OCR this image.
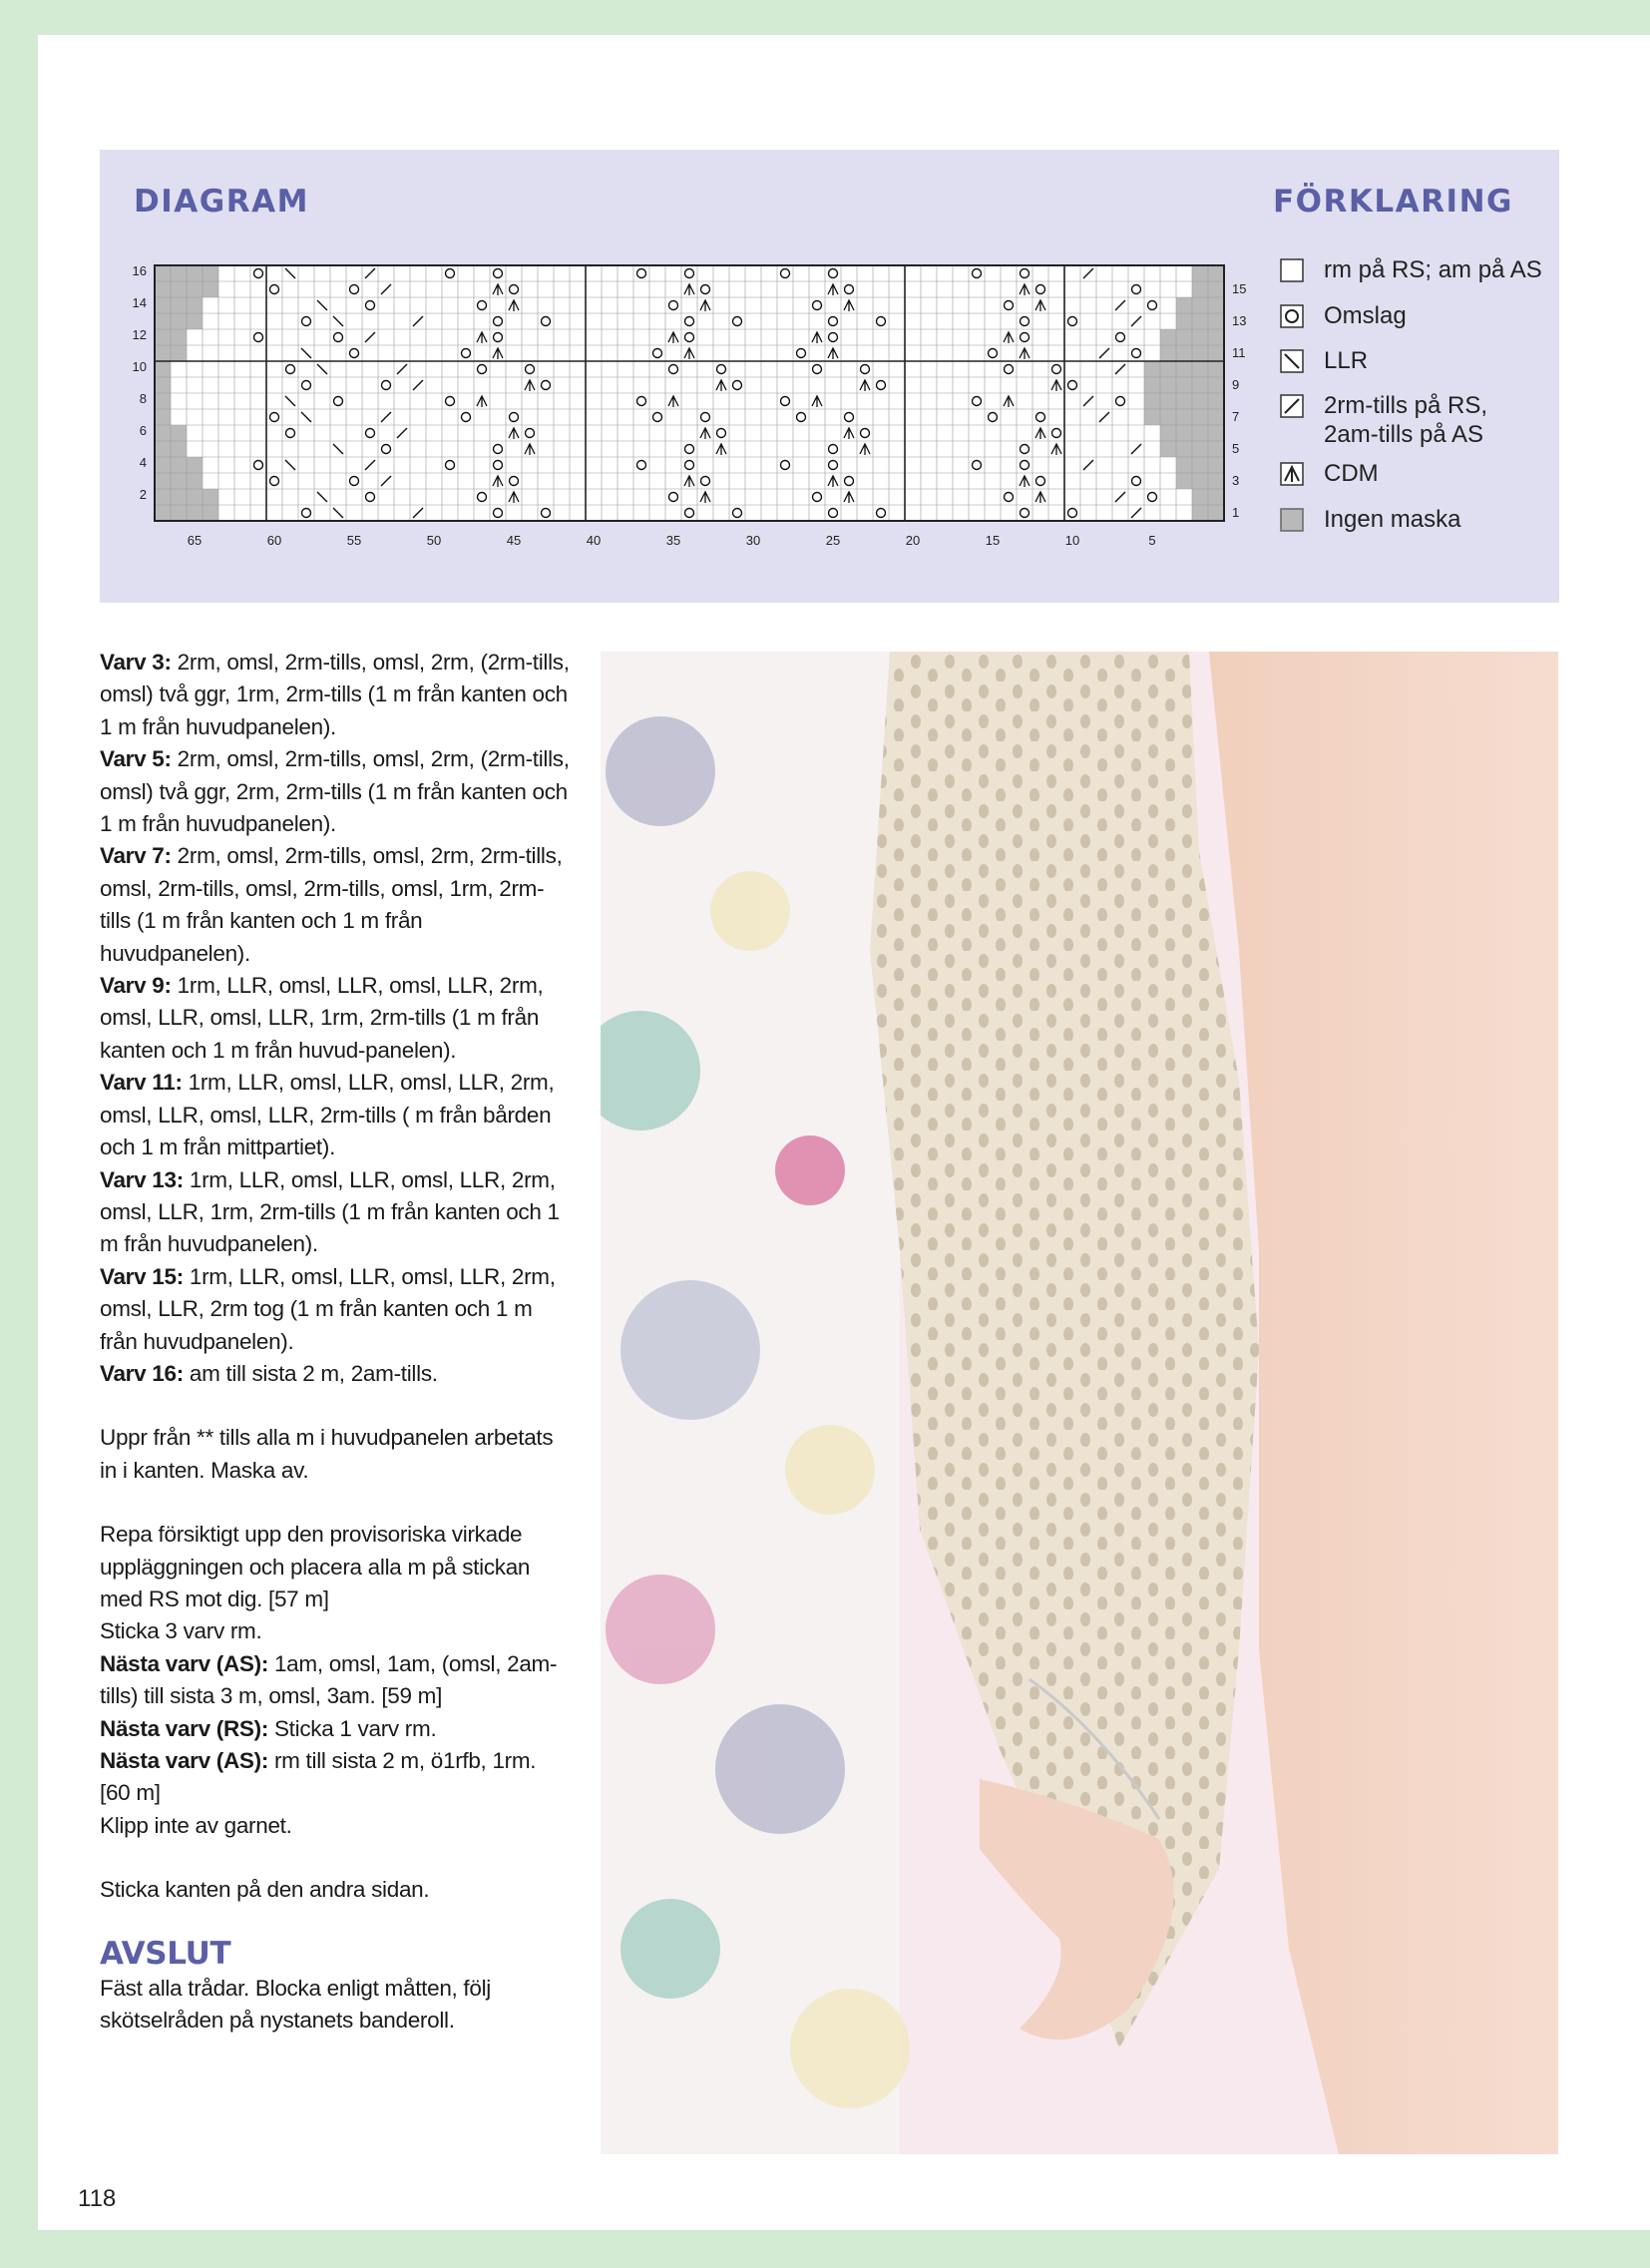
DIAGRAM	FÖRKLARING
16
14
12
10
8
6
4
2
15
13
11
9
7
5
3
1
65	60	55	50	45	40	35	30	25	20	15	10	5
rm på RS; am på AS
Omslag
LLR
2rm-tills på RS,
2am-tills på AS
CDM
Ingen maska

Varv 3: 2rm, omsl, 2rm-tills, omsl, 2rm, (2rm-tills, omsl) två ggr, 1rm, 2rm-tills (1 m från kanten och 1 m från huvudpanelen).

Varv 5: 2rm, omsl, 2rm-tills, omsl, 2rm, (2rm-tills, omsl) två ggr, 2rm, 2rm-tills (1 m från kanten och 1 m från huvudpanelen).

Varv 7: 2rm, omsl, 2rm-tills, omsl, 2rm, 2rm-tills, omsl, 2rm-tills, omsl, 2rm-tills, omsl, 1rm, 2rm-tills (1 m från kanten och 1 m från huvudpanelen).

Varv 9: 1rm, LLR, omsl, LLR, omsl, LLR, 2rm, omsl, LLR, omsl, LLR, 1rm, 2rm-tills (1 m från kanten och 1 m från huvud-panelen).

Varv 11: 1rm, LLR, omsl, LLR, omsl, LLR, 2rm, omsl, LLR, omsl, LLR, 2rm-tills ( m från bården och 1 m från mittpartiet).

Varv 13: 1rm, LLR, omsl, LLR, omsl, LLR, 2rm, omsl, LLR, 1rm, 2rm-tills (1 m från kanten och 1 m från huvudpanelen).

Varv 15: 1rm, LLR, omsl, LLR, omsl, LLR, 2rm, omsl, LLR, 2rm tog (1 m från kanten och 1 m från huvudpanelen).

Varv 16: am till sista 2 m, 2am-tills.

Uppr från ** tills alla m i huvudpanelen arbetats in i kanten. Maska av.

Repa försiktigt upp den provisoriska virkade uppläggningen och placera alla m på stickan med RS mot dig. [57 m]

Sticka 3 varv rm.

Nästa varv (AS): 1am, omsl, 1am, (omsl, 2am-tills) till sista 3 m, omsl, 3am. [59 m]

Nästa varv (RS): Sticka 1 varv rm.

Nästa varv (AS): rm till sista 2 m, ö1rfb, 1rm. [60 m]

Klipp inte av garnet.

Sticka kanten på den andra sidan.

AVSLUT

Fäst alla trådar. Blocka enligt måtten, följ skötselråden på nystanets banderoll.

118
